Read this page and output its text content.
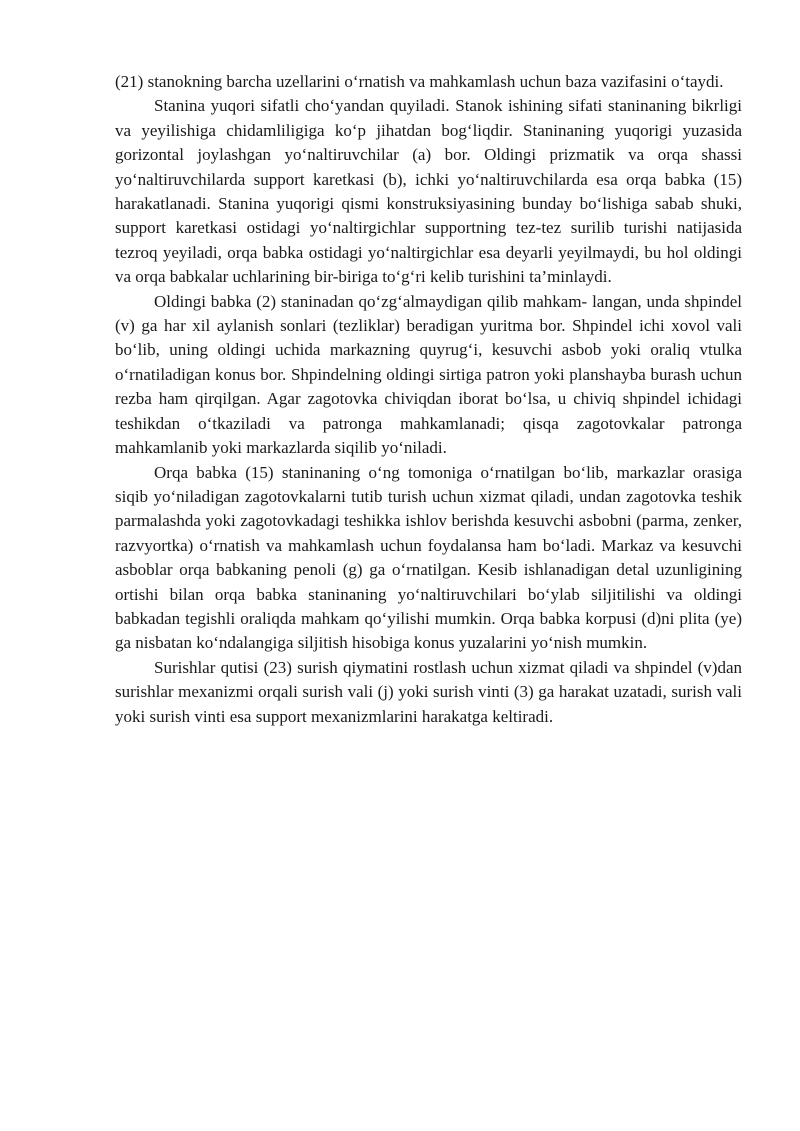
(21) stanokning barcha uzellarini o‘rnatish va mahkamlash uchun baza vazifasini o‘taydi.

Stanina yuqori sifatli cho‘yandan quyiladi. Stanok ishining sifati staninaning bikrligi va yeyilishiga chidamliligiga ko‘p jihatdan bog‘liqdir. Staninaning yuqorigi yuzasida gorizontal joylashgan yo‘naltiruvchilar (a) bor. Oldingi prizmatik va orqa shassi yo‘naltiruvchilarda support karetkasi (b), ichki yo‘naltiruvchilarda esa orqa babka (15) harakatlanadi. Stanina yuqorigi qismi konstruksiyasining bunday bo‘lishiga sabab shuki, support karetkasi ostidagi yo‘naltirgichlar supportning tez-tez surilib turishi natijasida tezroq yeyiladi, orqa babka ostidagi yo‘naltirgichlar esa deyarli yeyilmaydi, bu hol oldingi va orqa babkalar uchlarining bir-biriga to‘g‘ri kelib turishini ta’minlaydi.

Oldingi babka (2) staninadan qo‘zg‘almaydigan qilib mahkam- langan, unda shpindel (v) ga har xil aylanish sonlari (tezliklar) beradigan yuritma bor. Shpindel ichi xovol vali bo‘lib, uning oldingi uchida markazning quyrug‘i, kesuvchi asbob yoki oraliq vtulka o‘rnatiladigan konus bor. Shpindelning oldingi sirtiga patron yoki planshayba burash uchun rezba ham qirqilgan. Agar zagotovka chiviqdan iborat bo‘lsa, u chiviq shpindel ichidagi teshikdan o‘tkaziladi va patronga mahkamlanadi; qisqa zagotovkalar patronga mahkamlanib yoki markazlarda siqilib yo‘niladi.

Orqa babka (15) staninaning o‘ng tomoniga o‘rnatilgan bo‘lib, markazlar orasiga siqib yo‘niladigan zagotovkalarni tutib turish uchun xizmat qiladi, undan zagotovka teshik parmalashda yoki zagotovkadagi teshikka ishlov berishda kesuvchi asbobni (parma, zenker, razvyortka) o‘rnatish va mahkamlash uchun foydalansa ham bo‘ladi. Markaz va kesuvchi asboblar orqa babkaning penoli (g) ga o‘rnatilgan. Kesib ishlanadigan detal uzunligining ortishi bilan orqa babka staninaning yo‘naltiruvchilari bo‘ylab siljitilishi va oldingi babkadan tegishli oraliqda mahkam qo‘yilishi mumkin. Orqa babka korpusi (d)ni plita (ye) ga nisbatan ko‘ndalangiga siljitish hisobiga konus yuzalarini yo‘nish mumkin.

Surishlar qutisi (23) surish qiymatini rostlash uchun xizmat qiladi va shpindel (v)dan surishlar mexanizmi orqali surish vali (j) yoki surish vinti (3) ga harakat uzatadi, surish vali yoki surish vinti esa support mexanizmlarini harakatga keltiradi.
